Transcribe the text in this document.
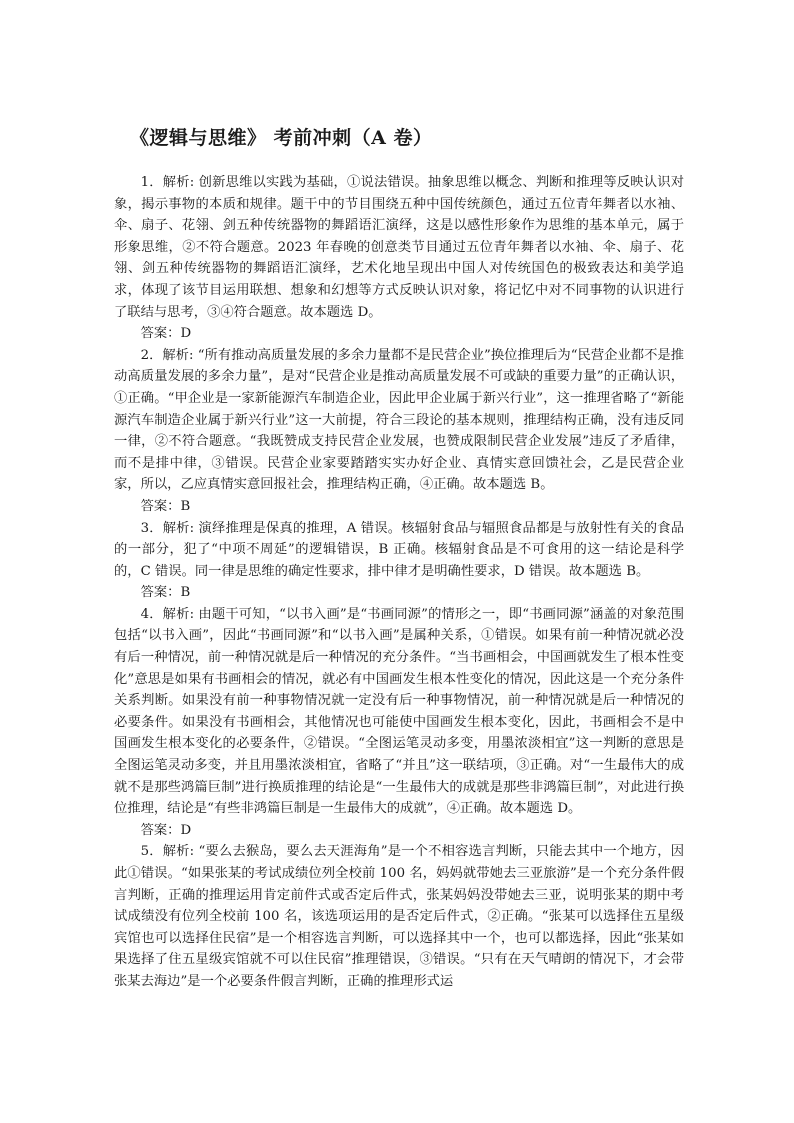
《逻辑与思维》 考前冲刺（A 卷）

1．解析: 创新思维以实践为基础，①说法错误。抽象思维以概念、判断和推理等反映认识对象，揭示事物的本质和规律。题干中的节目围绕五种中国传统颜色，通过五位青年舞者以水袖、伞、扇子、花翎、剑五种传统器物的舞蹈语汇演绎，这是以感性形象作为思维的基本单元，属于形象思维，②不符合题意。2023 年春晚的创意类节目通过五位青年舞者以水袖、伞、扇子、花翎、剑五种传统器物的舞蹈语汇演绎，艺术化地呈现出中国人对传统国色的极致表达和美学追求，体现了该节目运用联想、想象和幻想等方式反映认识对象，将记忆中对不同事物的认识进行了联结与思考，③④符合题意。故本题选 D。

答案：D

2．解析: “所有推动高质量发展的多余力量都不是民营企业”换位推理后为“民营企业都不是推动高质量发展的多余力量”，是对“民营企业是推动高质量发展不可或缺的重要力量”的正确认识，①正确。“甲企业是一家新能源汽车制造企业，因此甲企业属于新兴行业”，这一推理省略了“新能源汽车制造企业属于新兴行业”这一大前提，符合三段论的基本规则，推理结构正确，没有违反同一律，②不符合题意。“我既赞成支持民营企业发展，也赞成限制民营企业发展”违反了矛盾律，而不是排中律，③错误。民营企业家要踏踏实实办好企业、真情实意回馈社会，乙是民营企业家，所以，乙应真情实意回报社会，推理结构正确，④正确。故本题选 B。

答案：B

3．解析: 演绎推理是保真的推理，A 错误。核辐射食品与辐照食品都是与放射性有关的食品的一部分，犯了“中项不周延”的逻辑错误，B 正确。核辐射食品是不可食用的这一结论是科学的，C 错误。同一律是思维的确定性要求，排中律才是明确性要求，D 错误。故本题选 B。

答案：B

4．解析: 由题干可知，“以书入画”是“书画同源”的情形之一，即“书画同源”涵盖的对象范围包括“以书入画”，因此“书画同源”和“以书入画”是属种关系，①错误。如果有前一种情况就必没有后一种情况，前一种情况就是后一种情况的充分条件。“当书画相会，中国画就发生了根本性变化”意思是如果有书画相会的情况，就必有中国画发生根本性变化的情况，因此这是一个充分条件关系判断。如果没有前一种事物情况就一定没有后一种事物情况，前一种情况就是后一种情况的必要条件。如果没有书画相会，其他情况也可能使中国画发生根本变化，因此，书画相会不是中国画发生根本变化的必要条件，②错误。“全图运笔灵动多变，用墨浓淡相宜”这一判断的意思是全图运笔灵动多变，并且用墨浓淡相宜，省略了“并且”这一联结项，③正确。对“一生最伟大的成就不是那些鸿篇巨制”进行换质推理的结论是“一生最伟大的成就是那些非鸿篇巨制”，对此进行换位推理，结论是“有些非鸿篇巨制是一生最伟大的成就”，④正确。故本题选 D。

答案：D

5．解析: “要么去猴岛，要么去天涯海角”是一个不相容选言判断，只能去其中一个地方，因此①错误。“如果张某的考试成绩位列全校前 100 名，妈妈就带她去三亚旅游”是一个充分条件假言判断，正确的推理运用肯定前件式或否定后件式，张某妈妈没带她去三亚，说明张某的期中考试成绩没有位列全校前 100 名，该选项运用的是否定后件式，②正确。“张某可以选择住五星级宾馆也可以选择住民宿”是一个相容选言判断，可以选择其中一个，也可以都选择，因此“张某如果选择了住五星级宾馆就不可以住民宿”推理错误，③错误。“只有在天气晴朗的情况下，才会带张某去海边”是一个必要条件假言判断，正确的推理形式运
